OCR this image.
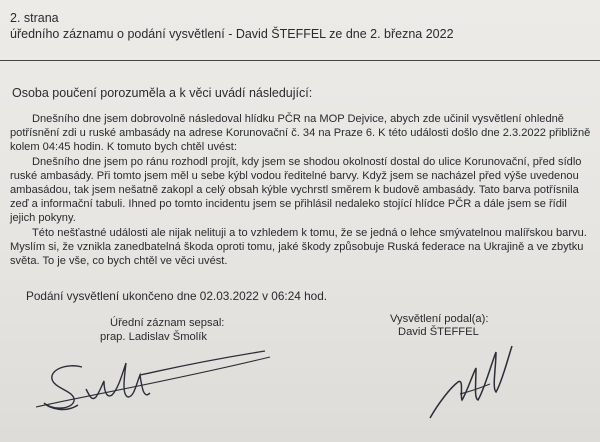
2. strana
úředního záznamu o podání vysvětlení - David ŠTEFFEL ze dne 2. března 2022
Osoba poučení porozuměla a k věci uvádí následující:

Dnešního dne jsem dobrovolně následoval hlídku PČR na MOP Dejvice, abych zde učinil vysvětlení ohledně potřísnění zdi u ruské ambasády na adrese Korunovační č. 34 na Praze 6. K této události došlo dne 2.3.2022 přibližně kolem 04:45 hodin. K tomuto bych chtěl uvést:

Dnešního dne jsem po ránu rozhodl projít, kdy jsem se shodou okolností dostal do ulice Korunovační, před sídlo ruské ambasády. Při tomto jsem měl u sebe kýbl vodou ředitelné barvy. Když jsem se nacházel před výše uvedenou ambasádou, tak jsem nešatně zakopl a celý obsah kýble vychrstl směrem k budově ambasády. Tato barva potřísnila zeď a informační tabuli. Ihned po tomto incidentu jsem se přihlásil nedaleko stojící hlídce PČR a dále jsem se řídil jejich pokyny.

Této nešťastné události ale nijak nelituji a to vzhledem k tomu, že se jedná o lehce smývatelnou malířskou barvu. Myslím si, že vznikla zanedbatelná škoda oproti tomu, jaké škody způsobuje Ruská federace na Ukrajině a ve zbytku světa. To je vše, co bych chtěl ve věci uvést.

Podání vysvětlení ukončeno dne 02.03.2022 v 06:24 hod.
Úřední záznam sepsal:
prap. Ladislav Šmolík
Vysvětlení podal(a):
David ŠTEFFEL
